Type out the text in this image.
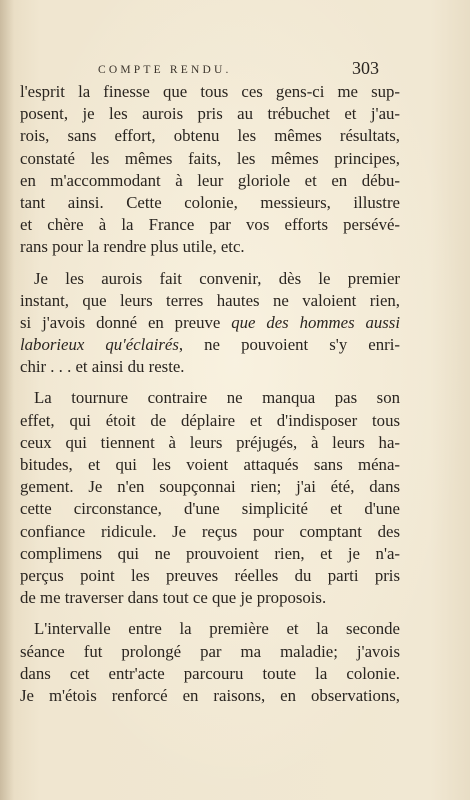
COMPTE RENDU.	303
l'esprit la finesse que tous ces gens-ci me sup-
posent, je les aurois pris au trébuchet et j'au-
rois, sans effort, obtenu les mêmes résultats,
constaté les mêmes faits, les mêmes principes,
en m'accommodant à leur gloriole et en débu-
tant ainsi. Cette colonie, messieurs, illustre
et chère à la France par vos efforts persévé-
rans pour la rendre plus utile, etc.
Je les aurois fait convenir, dès le premier
instant, que leurs terres hautes ne valoient rien,
si j'avois donné en preuve que des hommes aussi
laborieux qu'éclairés, ne pouvoient s'y enri-
chir . . . et ainsi du reste.
La tournure contraire ne manqua pas son
effet, qui étoit de déplaire et d'indisposer tous
ceux qui tiennent à leurs préjugés, à leurs ha-
bitudes, et qui les voient attaqués sans ména-
gement. Je n'en soupçonnai rien; j'ai été, dans
cette circonstance, d'une simplicité et d'une
confiance ridicule. Je reçus pour comptant des
complimens qui ne prouvoient rien, et je n'a-
perçus point les preuves réelles du parti pris
de me traverser dans tout ce que je proposois.
L'intervalle entre la première et la seconde
séance fut prolongé par ma maladie; j'avois
dans cet entr'acte parcouru toute la colonie.
Je m'étois renforcé en raisons, en observations,
